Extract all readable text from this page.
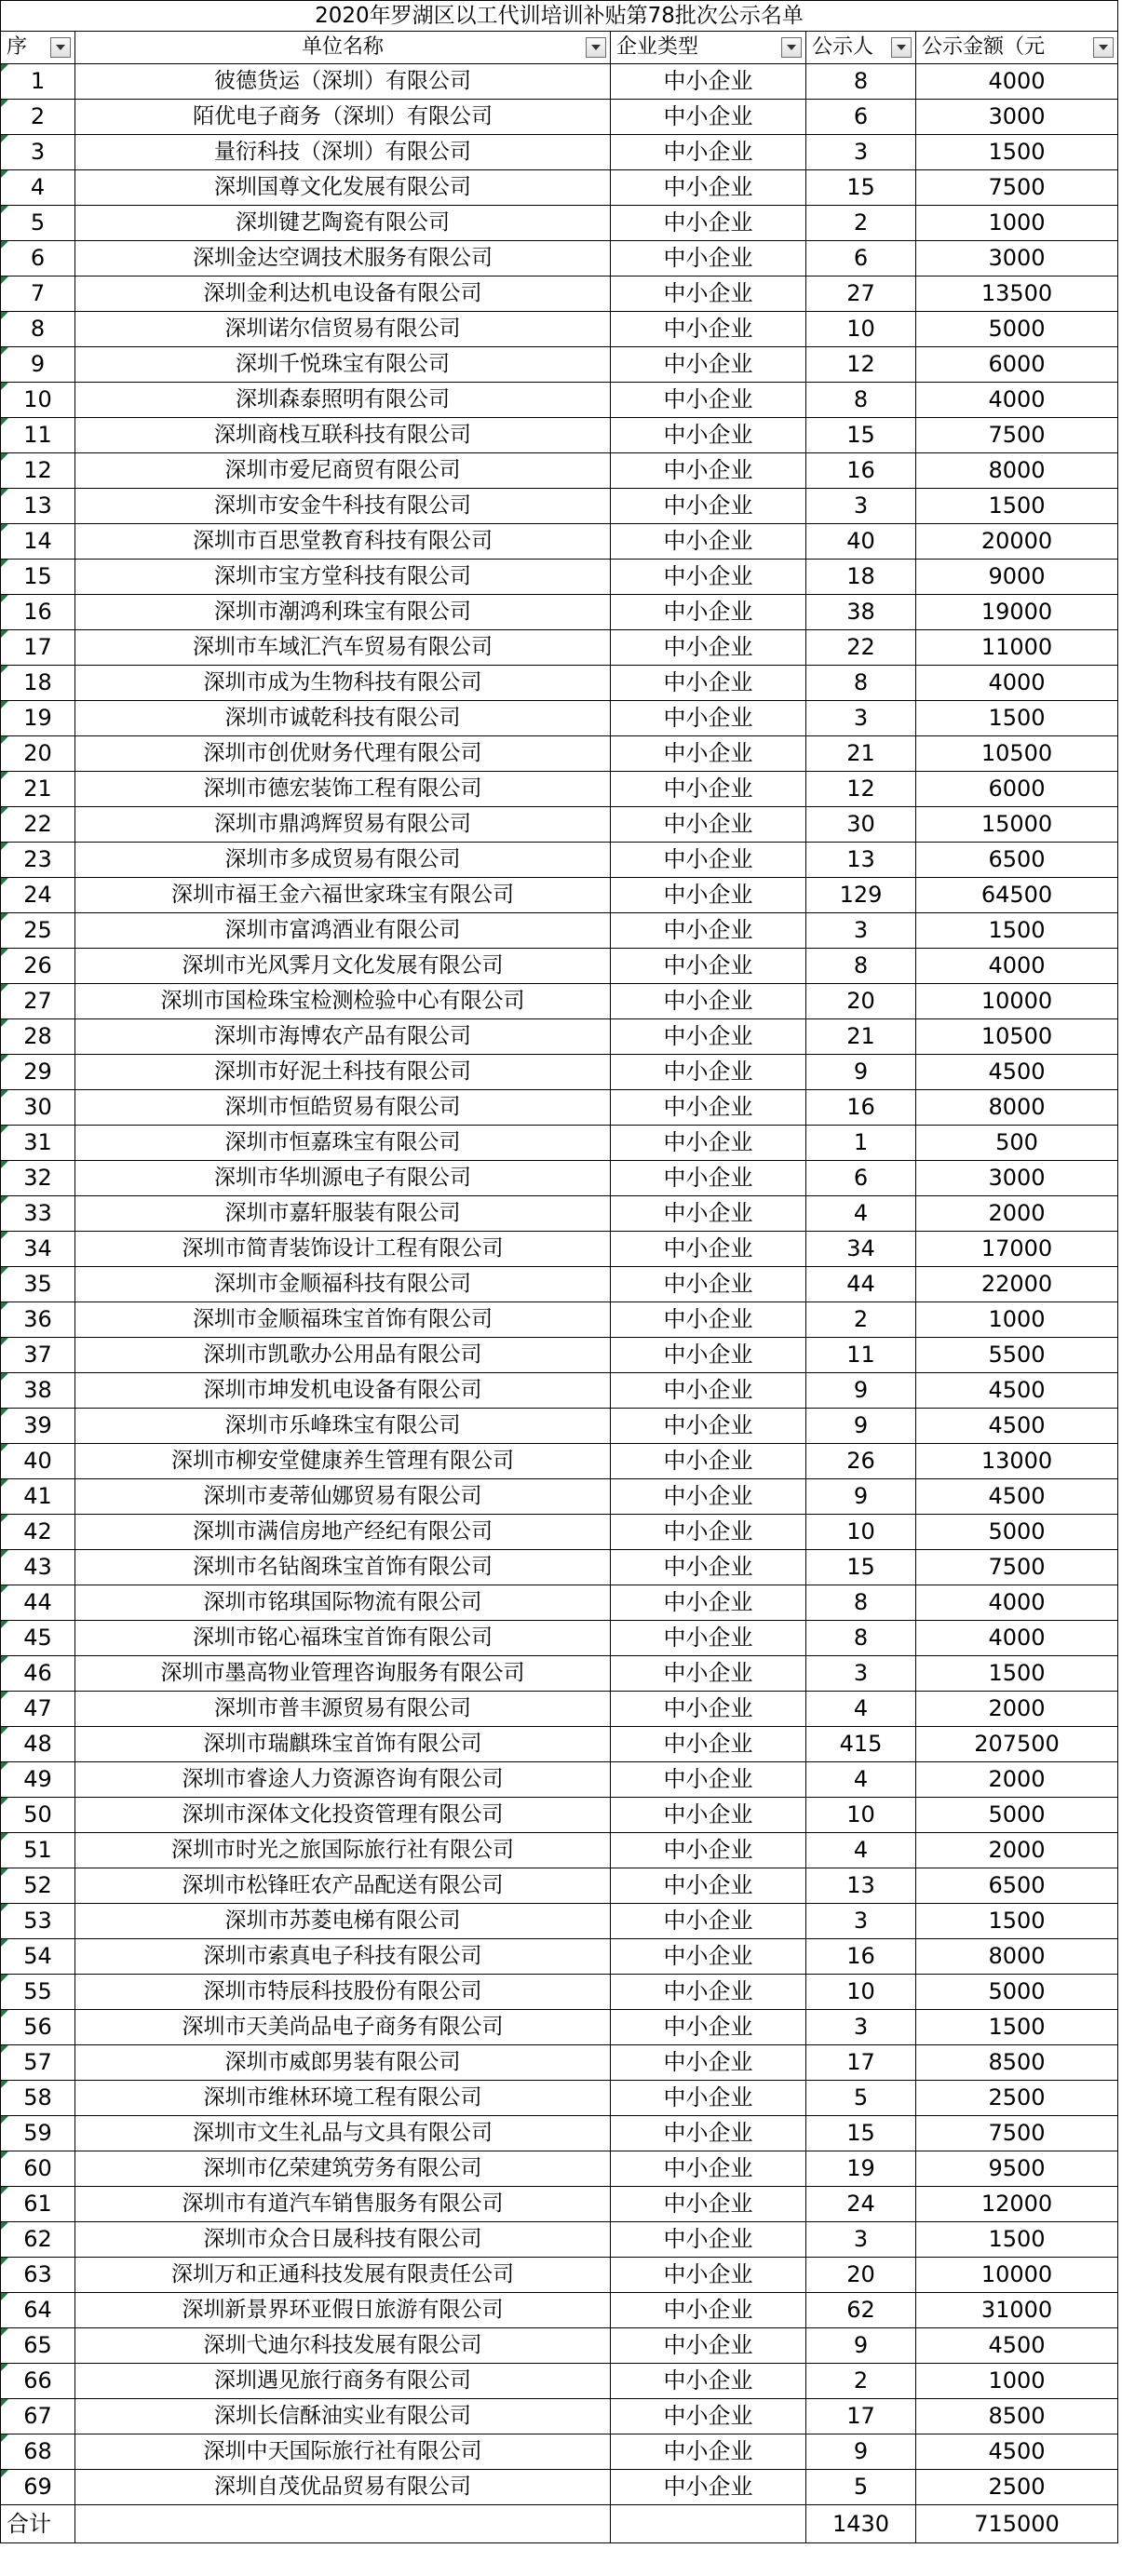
2020年罗湖区以工代训培训补贴第78批次公示名单				
序	单位名称	企业类型	公示人	公示金额（元

1	彼德货运（深圳）有限公司	中小企业	8	4000
2	陌优电子商务（深圳）有限公司	中小企业	6	3000
3	量衍科技（深圳）有限公司	中小企业	3	1500
4	深圳国尊文化发展有限公司	中小企业	15	7500
5	深圳键艺陶瓷有限公司	中小企业	2	1000
6	深圳金达空调技术服务有限公司	中小企业	6	3000
7	深圳金利达机电设备有限公司	中小企业	27	13500
8	深圳诺尔信贸易有限公司	中小企业	10	5000
9	深圳千悦珠宝有限公司	中小企业	12	6000
10	深圳森泰照明有限公司	中小企业	8	4000
11	深圳商栈互联科技有限公司	中小企业	15	7500
12	深圳市爱尼商贸有限公司	中小企业	16	8000
13	深圳市安金牛科技有限公司	中小企业	3	1500
14	深圳市百思堂教育科技有限公司	中小企业	40	20000
15	深圳市宝方堂科技有限公司	中小企业	18	9000
16	深圳市潮鸿利珠宝有限公司	中小企业	38	19000
17	深圳市车域汇汽车贸易有限公司	中小企业	22	11000
18	深圳市成为生物科技有限公司	中小企业	8	4000
19	深圳市诚乾科技有限公司	中小企业	3	1500
20	深圳市创优财务代理有限公司	中小企业	21	10500
21	深圳市德宏装饰工程有限公司	中小企业	12	6000
22	深圳市鼎鸿辉贸易有限公司	中小企业	30	15000
23	深圳市多成贸易有限公司	中小企业	13	6500
24	深圳市福王金六福世家珠宝有限公司	中小企业	129	64500
25	深圳市富鸿酒业有限公司	中小企业	3	1500
26	深圳市光风霁月文化发展有限公司	中小企业	8	4000
27	深圳市国检珠宝检测检验中心有限公司	中小企业	20	10000
28	深圳市海博农产品有限公司	中小企业	21	10500
29	深圳市好泥土科技有限公司	中小企业	9	4500
30	深圳市恒皓贸易有限公司	中小企业	16	8000
31	深圳市恒嘉珠宝有限公司	中小企业	1	500
32	深圳市华圳源电子有限公司	中小企业	6	3000
33	深圳市嘉轩服装有限公司	中小企业	4	2000
34	深圳市简青装饰设计工程有限公司	中小企业	34	17000
35	深圳市金顺福科技有限公司	中小企业	44	22000
36	深圳市金顺福珠宝首饰有限公司	中小企业	2	1000
37	深圳市凯歌办公用品有限公司	中小企业	11	5500
38	深圳市坤发机电设备有限公司	中小企业	9	4500
39	深圳市乐峰珠宝有限公司	中小企业	9	4500
40	深圳市柳安堂健康养生管理有限公司	中小企业	26	13000
41	深圳市麦蒂仙娜贸易有限公司	中小企业	9	4500
42	深圳市满信房地产经纪有限公司	中小企业	10	5000
43	深圳市名钻阁珠宝首饰有限公司	中小企业	15	7500
44	深圳市铭琪国际物流有限公司	中小企业	8	4000
45	深圳市铭心福珠宝首饰有限公司	中小企业	8	4000
46	深圳市墨高物业管理咨询服务有限公司	中小企业	3	1500
47	深圳市普丰源贸易有限公司	中小企业	4	2000
48	深圳市瑞麒珠宝首饰有限公司	中小企业	415	207500
49	深圳市睿途人力资源咨询有限公司	中小企业	4	2000
50	深圳市深体文化投资管理有限公司	中小企业	10	5000
51	深圳市时光之旅国际旅行社有限公司	中小企业	4	2000
52	深圳市松锋旺农产品配送有限公司	中小企业	13	6500
53	深圳市苏菱电梯有限公司	中小企业	3	1500
54	深圳市索真电子科技有限公司	中小企业	16	8000
55	深圳市特辰科技股份有限公司	中小企业	10	5000
56	深圳市天美尚品电子商务有限公司	中小企业	3	1500
57	深圳市威郎男装有限公司	中小企业	17	8500
58	深圳市维林环境工程有限公司	中小企业	5	2500
59	深圳市文生礼品与文具有限公司	中小企业	15	7500
60	深圳市亿荣建筑劳务有限公司	中小企业	19	9500
61	深圳市有道汽车销售服务有限公司	中小企业	24	12000
62	深圳市众合日晟科技有限公司	中小企业	3	1500
63	深圳万和正通科技发展有限责任公司	中小企业	20	10000
64	深圳新景界环亚假日旅游有限公司	中小企业	62	31000
65	深圳弋迪尔科技发展有限公司	中小企业	9	4500
66	深圳遇见旅行商务有限公司	中小企业	2	1000
67	深圳长信酥油实业有限公司	中小企业	17	8500
68	深圳中天国际旅行社有限公司	中小企业	9	4500
69	深圳自茂优品贸易有限公司	中小企业	5	2500
合计			1430	715000
